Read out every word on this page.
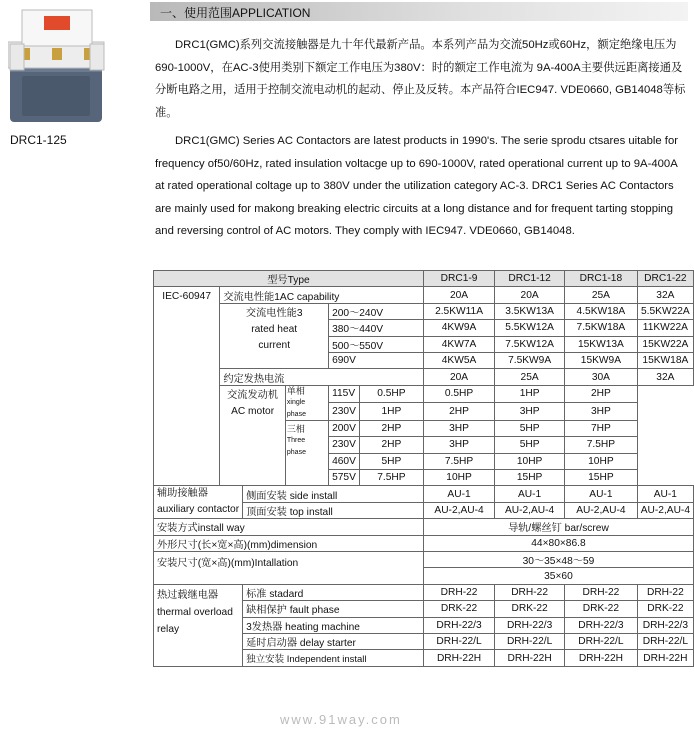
DRC1-125
一、使用范围APPLICATION
DRC1(GMC)系列交流接触器是九十年代最新产品。本系列产品为交流50Hz或60Hz，额定绝缘电压为690-1000V，在AC-3使用类别下额定工作电压为380V：时的额定工作电流为 9A-400A主要供远距离接通及分断电路之用，适用于控制交流电动机的起动、停止及反转。本产品符合IEC947. VDE0660, GB14048等标准。
DRC1(GMC) Series AC Contactors are latest products in 1990's. The serie sprodu ctsares uitable for frequency of50/60Hz, rated insulation voltacge up to 690-1000V, rated operational current up to 9A-400A at rated operational coltage up to 380V under the utilization category AC-3. DRC1 Series AC Contactors are mainly used for makong breaking electric circuits at a long distance and for frequent tarting stopping and reversing control of AC motors. They comply with IEC947. VDE0660, GB14048.
型号Type						DRC1-9	DRC1-12	DRC1-18	DRC1-22
IEC-60947	交流电性能1AC capability					20A	20A	25A	32A
	交流电性能3
rated heat
current			200～240V		2.5KW11A	3.5KW13A	4.5KW18A	5.5KW22A
				380～440V		4KW9A	5.5KW12A	7.5KW18A	11KW22A
				500～550V		4KW7A	7.5KW12A	15KW13A	15KW22A
				690V		4KW5A	7.5KW9A	15KW9A	15KW18A
	约定发热电流					20A	25A	30A	32A
	交流发动机
AC motor		单相
xingle
phase	115V	0.5HP	0.5HP	1HP	2HP	
				230V	1HP	2HP	3HP	3HP	
			三相
Three
phase	200V	2HP	3HP	5HP	7HP	
				230V	2HP	3HP	5HP	7.5HP	
				460V	5HP	7.5HP	10HP	10HP	
				575V	7.5HP	10HP	15HP	15HP	
辅助接触器
auxiliary contactor		侧面安装 side install				AU-1	AU-1	AU-1	AU-1
		顶面安装 top install				AU-2,AU-4	AU-2,AU-4	AU-2,AU-4	AU-2,AU-4
安装方式install way						导轨/螺丝钉 bar/screw			
外形尺寸(长×宽×高)(mm)dimension						44×80×86.8			
安装尺寸(宽×高)(mm)Intallation						30～35×48～59			
						35×60			
热过载继电器
thermal overload
relay		标准 stadard				DRH-22	DRH-22	DRH-22	DRH-22
		缺相保护 fault phase				DRK-22	DRK-22	DRK-22	DRK-22
		3发热器 heating machine				DRH-22/3	DRH-22/3	DRH-22/3	DRH-22/3
		延时启动器 delay starter				DRH-22/L	DRH-22/L	DRH-22/L	DRH-22/L
		独立安装 Independent install				DRH-22H	DRH-22H	DRH-22H	DRH-22H
www.91way.com
